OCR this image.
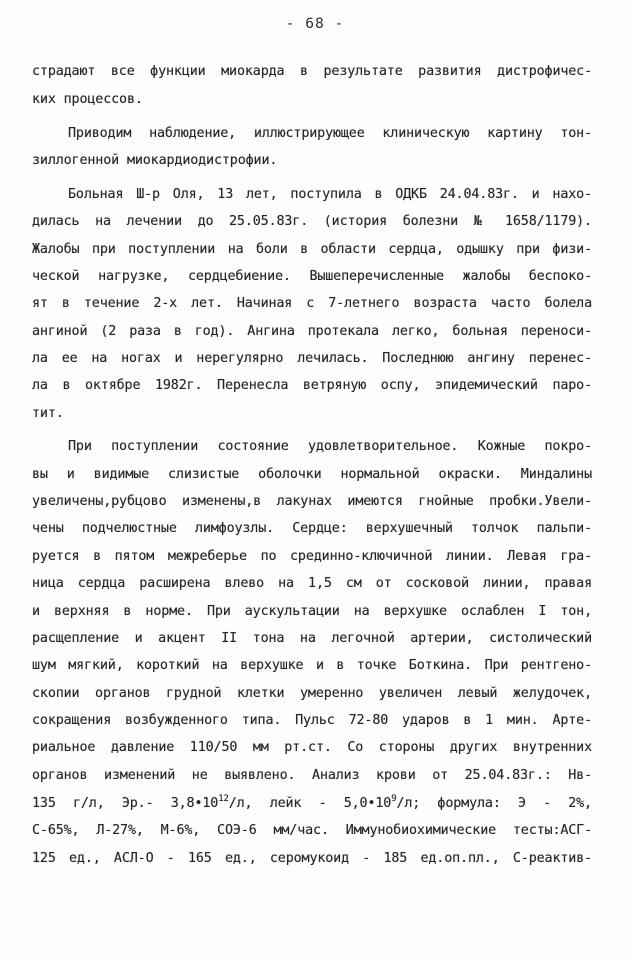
- 68 -
страдают все функции миокарда в результате развития дистрофичес-
ких процессов.
Приводим наблюдение, иллюстрирующее клиническую картину тон-
зиллогенной миокардиодистрофии.
Больная Ш-р Оля, 13 лет, поступила в ОДКБ 24.04.83г. и нахо-
дилась на лечении до 25.05.83г. (история болезни № 1658/1179).
Жалобы при поступлении на боли в области сердца, одышку при физи-
ческой нагрузке, сердцебиение. Вышеперечисленные жалобы беспоко-
ят в течение 2-х лет. Начиная с 7-летнего возраста часто болела
ангиной (2 раза в год). Ангина протекала легко, больная переноси-
ла ее на ногах и нерегулярно лечилась. Последнюю ангину перенес-
ла в октябре 1982г. Перенесла ветряную оспу, эпидемический паро-
тит.
При поступлении состояние удовлетворительное. Кожные покро-
вы и видимые слизистые оболочки нормальной окраски. Миндалины
увеличены,рубцово изменены,в лакунах имеются гнойные пробки.Увели-
чены подчелюстные лимфоузлы. Сердце: верхушечный толчок пальпи-
руется в пятом межреберье по срединно-ключичной линии. Левая гра-
ница сердца расширена влево на 1,5 см от сосковой линии, правая
и верхняя в норме. При аускультации на верхушке ослаблен I тон,
расщепление и акцент II тона на легочной артерии, систолический
шум мягкий, короткий на верхушке и в точке Боткина. При рентгено-
скопии органов грудной клетки умеренно увеличен левый желудочек,
сокращения возбужденного типа. Пульс 72-80 ударов в 1 мин. Арте-
риальное давление 110/50 мм рт.ст. Со стороны других внутренних
органов изменений не выявлено. Анализ крови от 25.04.83г.: Нв-
135 г/л, Эр.- $3,8•10^{12}/л$, лейк - $5,0•10^9/л$; формула: Э - 2%,
С-65%, Л-27%, М-6%, СОЭ-6 мм/час. Иммунобиохимические тесты:АСГ-
125 ед., АСЛ-О - 165 ед., серомукоид - 185 ед.оп.пл., С-реактив-
